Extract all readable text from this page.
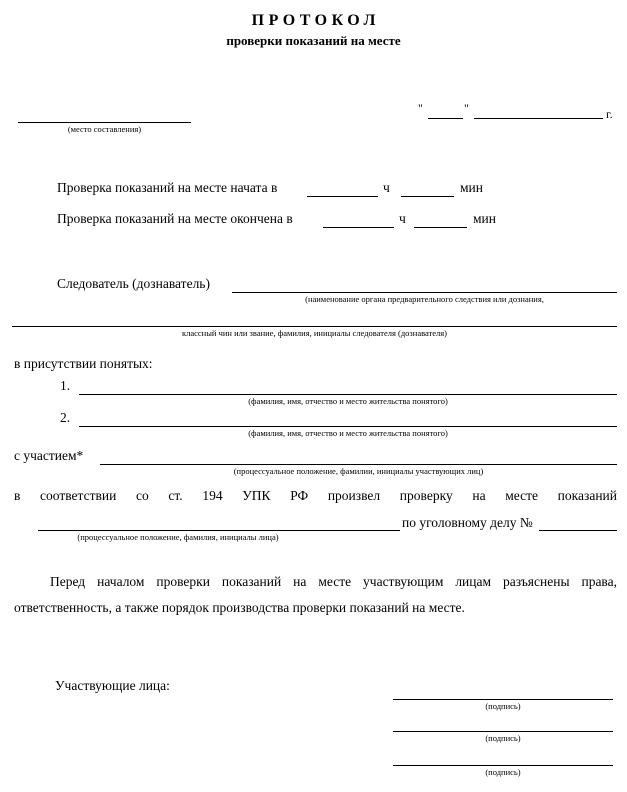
ПРОТОКОЛ
проверки показаний на месте
(место составления)
"	"	г.
Проверка показаний на месте начата в	ч	мин
Проверка показаний на месте окончена в	ч	мин
Следователь (дознаватель)
(наименование органа предварительного следствия или дознания,
классный чин или звание, фамилия, инициалы следователя (дознавателя)
в присутствии понятых:
1.
(фамилия, имя, отчество и место жительства понятого)
2.
(фамилия, имя, отчество и место жительства понятого)
с участием*
(процессуальное положение, фамилии, инициалы участвующих лиц)
в соответствии со ст. 194 УПК РФ произвел проверку на месте показаний
по уголовному делу №
(процессуальное положение, фамилия, инициалы лица)
Перед началом проверки показаний на месте участвующим лицам разъяснены права, ответственность, а также порядок производства проверки показаний на месте.
Участвующие лица:
(подпись)
(подпись)
(подпись)
